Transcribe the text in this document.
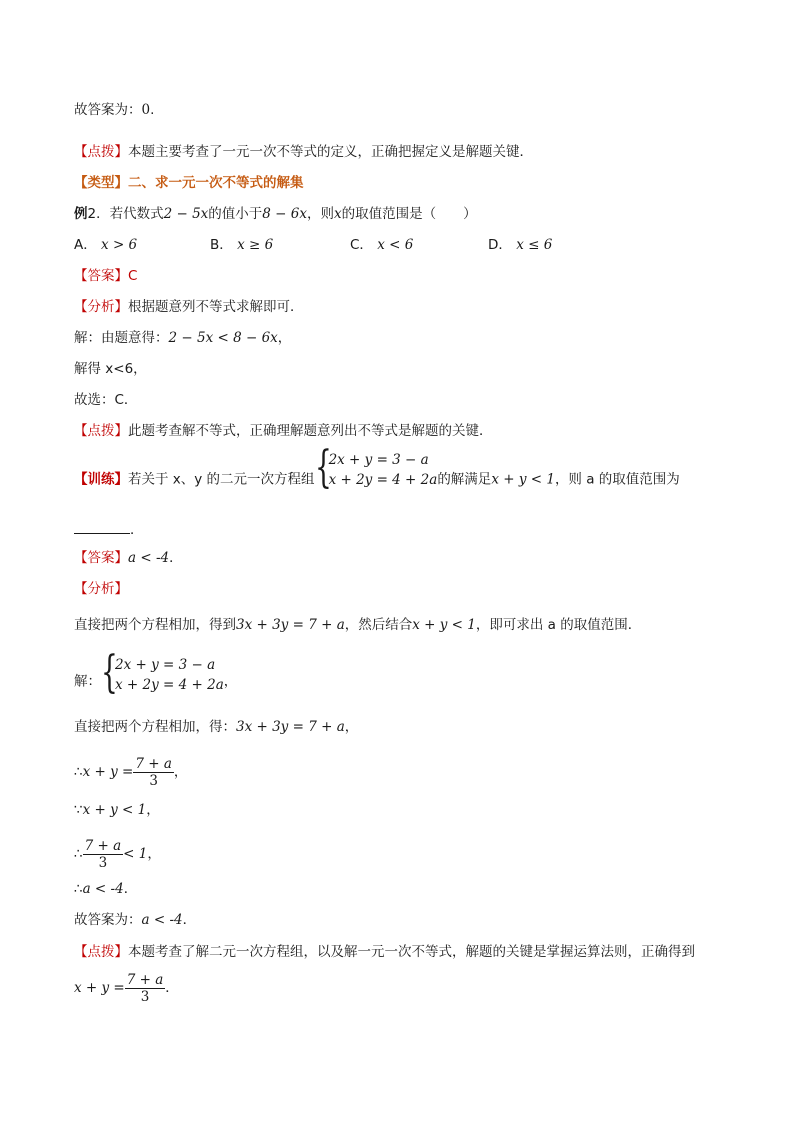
故答案为：0.
【点拨】本题主要考查了一元一次不等式的定义，正确把握定义是解题关键．
【类型】二、求一元一次不等式的解集
例2．若代数式2 − 5x的值小于8 − 6x，则x的取值范围是（　　）
A． x > 6	B． x ≥ 6	C． x < 6	D． x ≤ 6
【答案】C
【分析】根据题意列不等式求解即可．
解：由题意得：2 − 5x < 8 − 6x，
解得 x<6，
故选：C．
【点拨】此题考查解不等式，正确理解题意列出不等式是解题的关键．
【训练】若关于 x、y 的二元一次方程组 {
2x + y = 3 − a
x + 2y = 4 + 2a 的解满足x + y < 1，则 a 的取值范围为
．
【答案】a < -4．
【分析】
直接把两个方程相加，得到3x + 3y = 7 + a，然后结合x + y < 1，即可求出 a 的取值范围．
解： {
2x + y = 3 − a
x + 2y = 4 + 2a ，
直接把两个方程相加，得：3x + 3y = 7 + a，
∴x + $y = \frac{7 + a}{3}$ ，
∵x + y < 1，
∴ $\frac{7 + a}{3} < 1$，
∴a < -4．
故答案为：a < -4．
【点拨】本题考查了解二元一次方程组，以及解一元一次不等式，解题的关键是掌握运算法则，正确得到
$x + y = \frac{7 + a}{3}$ ．
